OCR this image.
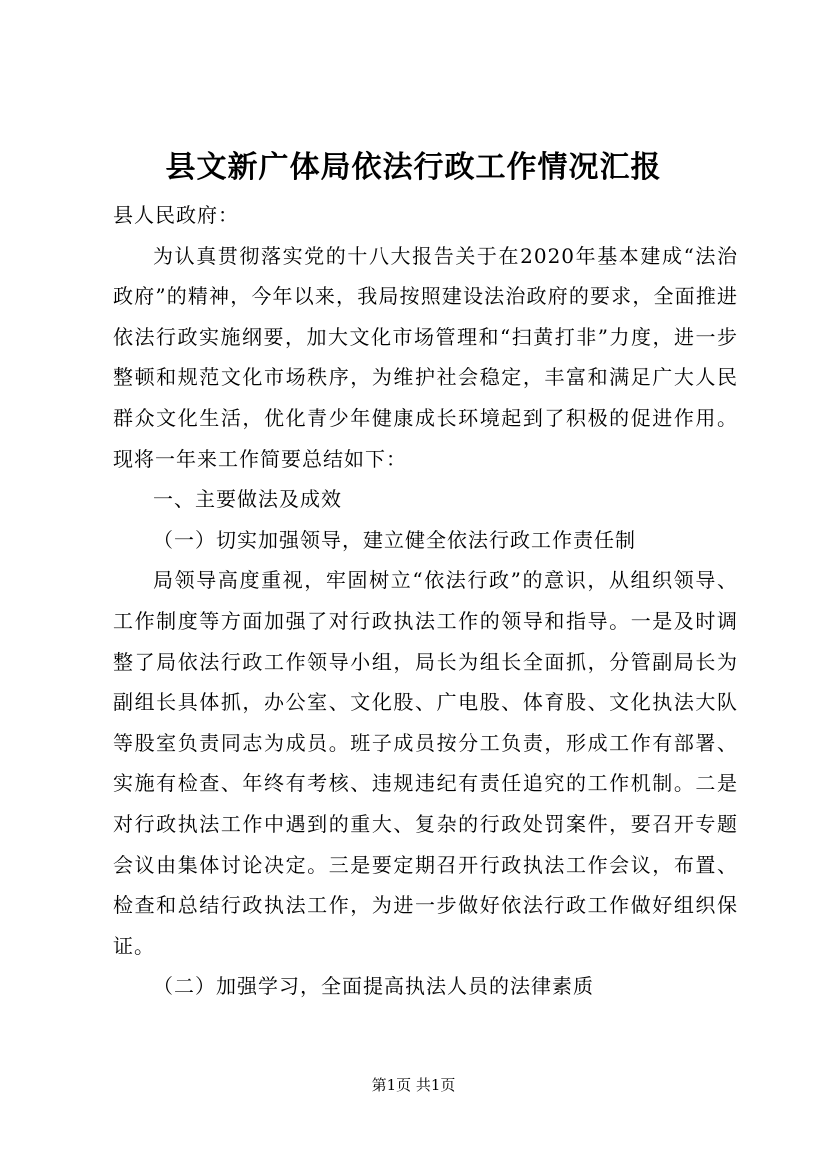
县文新广体局依法行政工作情况汇报

县人民政府：

为认真贯彻落实党的十八大报告关于在2020年基本建成“法治政府”的精神，今年以来，我局按照建设法治政府的要求，全面推进依法行政实施纲要，加大文化市场管理和“扫黄打非”力度，进一步整顿和规范文化市场秩序，为维护社会稳定，丰富和满足广大人民群众文化生活，优化青少年健康成长环境起到了积极的促进作用。现将一年来工作简要总结如下：

一、主要做法及成效

（一）切实加强领导，建立健全依法行政工作责任制

局领导高度重视，牢固树立“依法行政”的意识，从组织领导、工作制度等方面加强了对行政执法工作的领导和指导。一是及时调整了局依法行政工作领导小组，局长为组长全面抓，分管副局长为副组长具体抓，办公室、文化股、广电股、体育股、文化执法大队等股室负责同志为成员。班子成员按分工负责，形成工作有部署、实施有检查、年终有考核、违规违纪有责任追究的工作机制。二是对行政执法工作中遇到的重大、复杂的行政处罚案件，要召开专题会议由集体讨论决定。三是要定期召开行政执法工作会议，布置、检查和总结行政执法工作，为进一步做好依法行政工作做好组织保证。

（二）加强学习，全面提高执法人员的法律素质

第1页 共1页
